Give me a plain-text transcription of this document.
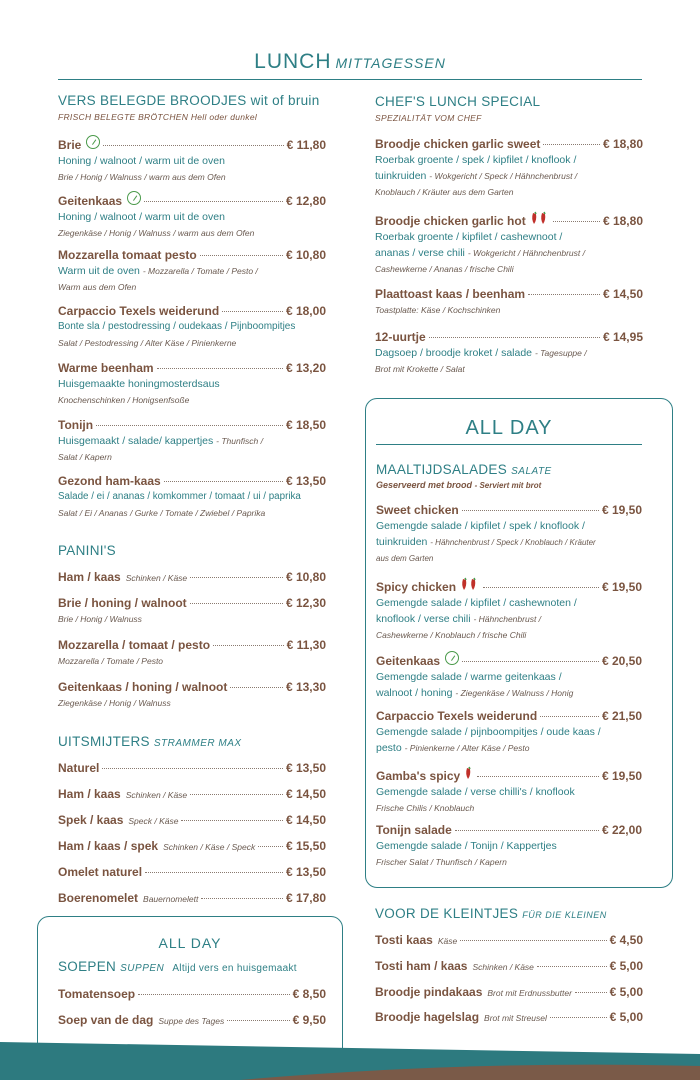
LUNCH MITTAGESSEN
VERS BELEGDE BROODJES wit of bruin
FRISCH BELEGTE BRÖTCHEN Hell oder dunkel
Brie	€ 11,80
Honing / walnoot / warm uit de oven
Brie / Honig / Walnuss / warm aus dem Ofen
Geitenkaas	€ 12,80
Honing / walnoot / warm uit de oven
Ziegenkäse / Honig / Walnuss / warm aus dem Ofen
Mozzarella tomaat pesto	€ 10,80
Warm uit de oven - Mozzarella / Tomate / Pesto /
Warm aus dem Ofen
Carpaccio Texels weiderund	€ 18,00
Bonte sla / pestodressing / oudekaas / Pijnboompitjes
Salat / Pestodressing / Alter Käse / Pinienkerne
Warme beenham	€ 13,20
Huisgemaakte honingmosterdsaus
Knochenschinken / Honigsenfsoße
Tonijn	€ 18,50
Huisgemaakt / salade/ kappertjes - Thunfisch /
Salat / Kapern
Gezond ham-kaas	€ 13,50
Salade / ei / ananas / komkommer / tomaat / ui / paprika
Salat / Ei / Ananas / Gurke / Tomate / Zwiebel / Paprika
PANINI'S
Ham / kaas Schinken / Käse	€ 10,80
Brie / honing / walnoot	€ 12,30
Brie / Honig / Walnuss
Mozzarella / tomaat / pesto	€ 11,30
Mozzarella / Tomate / Pesto
Geitenkaas / honing / walnoot	€ 13,30
Ziegenkäse / Honig / Walnuss
UITSMIJTERS STRAMMER MAX
Naturel	€ 13,50
Ham / kaas Schinken / Käse	€ 14,50
Spek / kaas Speck / Käse	€ 14,50
Ham / kaas / spek Schinken / Käse / Speck	€ 15,50
Omelet naturel	€ 13,50
Boerenomelet Bauernomelett	€ 17,80
ALL DAY
SOEPEN SUPPEN Altijd vers en huisgemaakt
Tomatensoep	€ 8,50
Soep van de dag Suppe des Tages	€ 9,50
CHEF'S LUNCH SPECIAL
SPEZIALITÄT VOM CHEF
Broodje chicken garlic sweet	€ 18,80
Roerbak groente / spek / kipfilet / knoflook /
tuinkruiden - Wokgericht / Speck / Hähnchenbrust /
Knoblauch / Kräuter aus dem Garten
Broodje chicken garlic hot	€ 18,80
Roerbak groente / kipfilet / cashewnoot /
ananas / verse chili - Wokgericht / Hähnchenbrust /
Cashewkerne / Ananas / frische Chili
Plaattoast kaas / beenham	€ 14,50
Toastplatte: Käse / Kochschinken
12-uurtje	€ 14,95
Dagsoep / broodje kroket / salade - Tagesuppe /
Brot mit Krokette / Salat
ALL DAY
MAALTIJDSALADES SALATE
Geserveerd met brood - Serviert mit brot
Sweet chicken	€ 19,50
Gemengde salade / kipfilet / spek / knoflook /
tuinkruiden - Hähnchenbrust / Speck / Knoblauch / Kräuter
aus dem Garten
Spicy chicken	€ 19,50
Gemengde salade / kipfilet / cashewnoten /
knoflook / verse chili - Hähnchenbrust /
Cashewkerne / Knoblauch / frische Chili
Geitenkaas	€ 20,50
Gemengde salade / warme geitenkaas /
walnoot / honing - Ziegenkäse / Walnuss / Honig
Carpaccio Texels weiderund	€ 21,50
Gemengde salade / pijnboompitjes / oude kaas /
pesto - Pinienkerne / Alter Käse / Pesto
Gamba's spicy	€ 19,50
Gemengde salade / verse chilli's / knoflook
Frische Chilis / Knoblauch
Tonijn salade	€ 22,00
Gemengde salade / Tonijn / Kappertjes
Frischer Salat / Thunfisch / Kapern
VOOR DE KLEINTJES FÜR DIE KLEINEN
Tosti kaas Käse	€ 4,50
Tosti ham / kaas Schinken / Käse	€ 5,00
Broodje pindakaas Brot mit Erdnussbutter	€ 5,00
Broodje hagelslag Brot mit Streusel	€ 5,00
